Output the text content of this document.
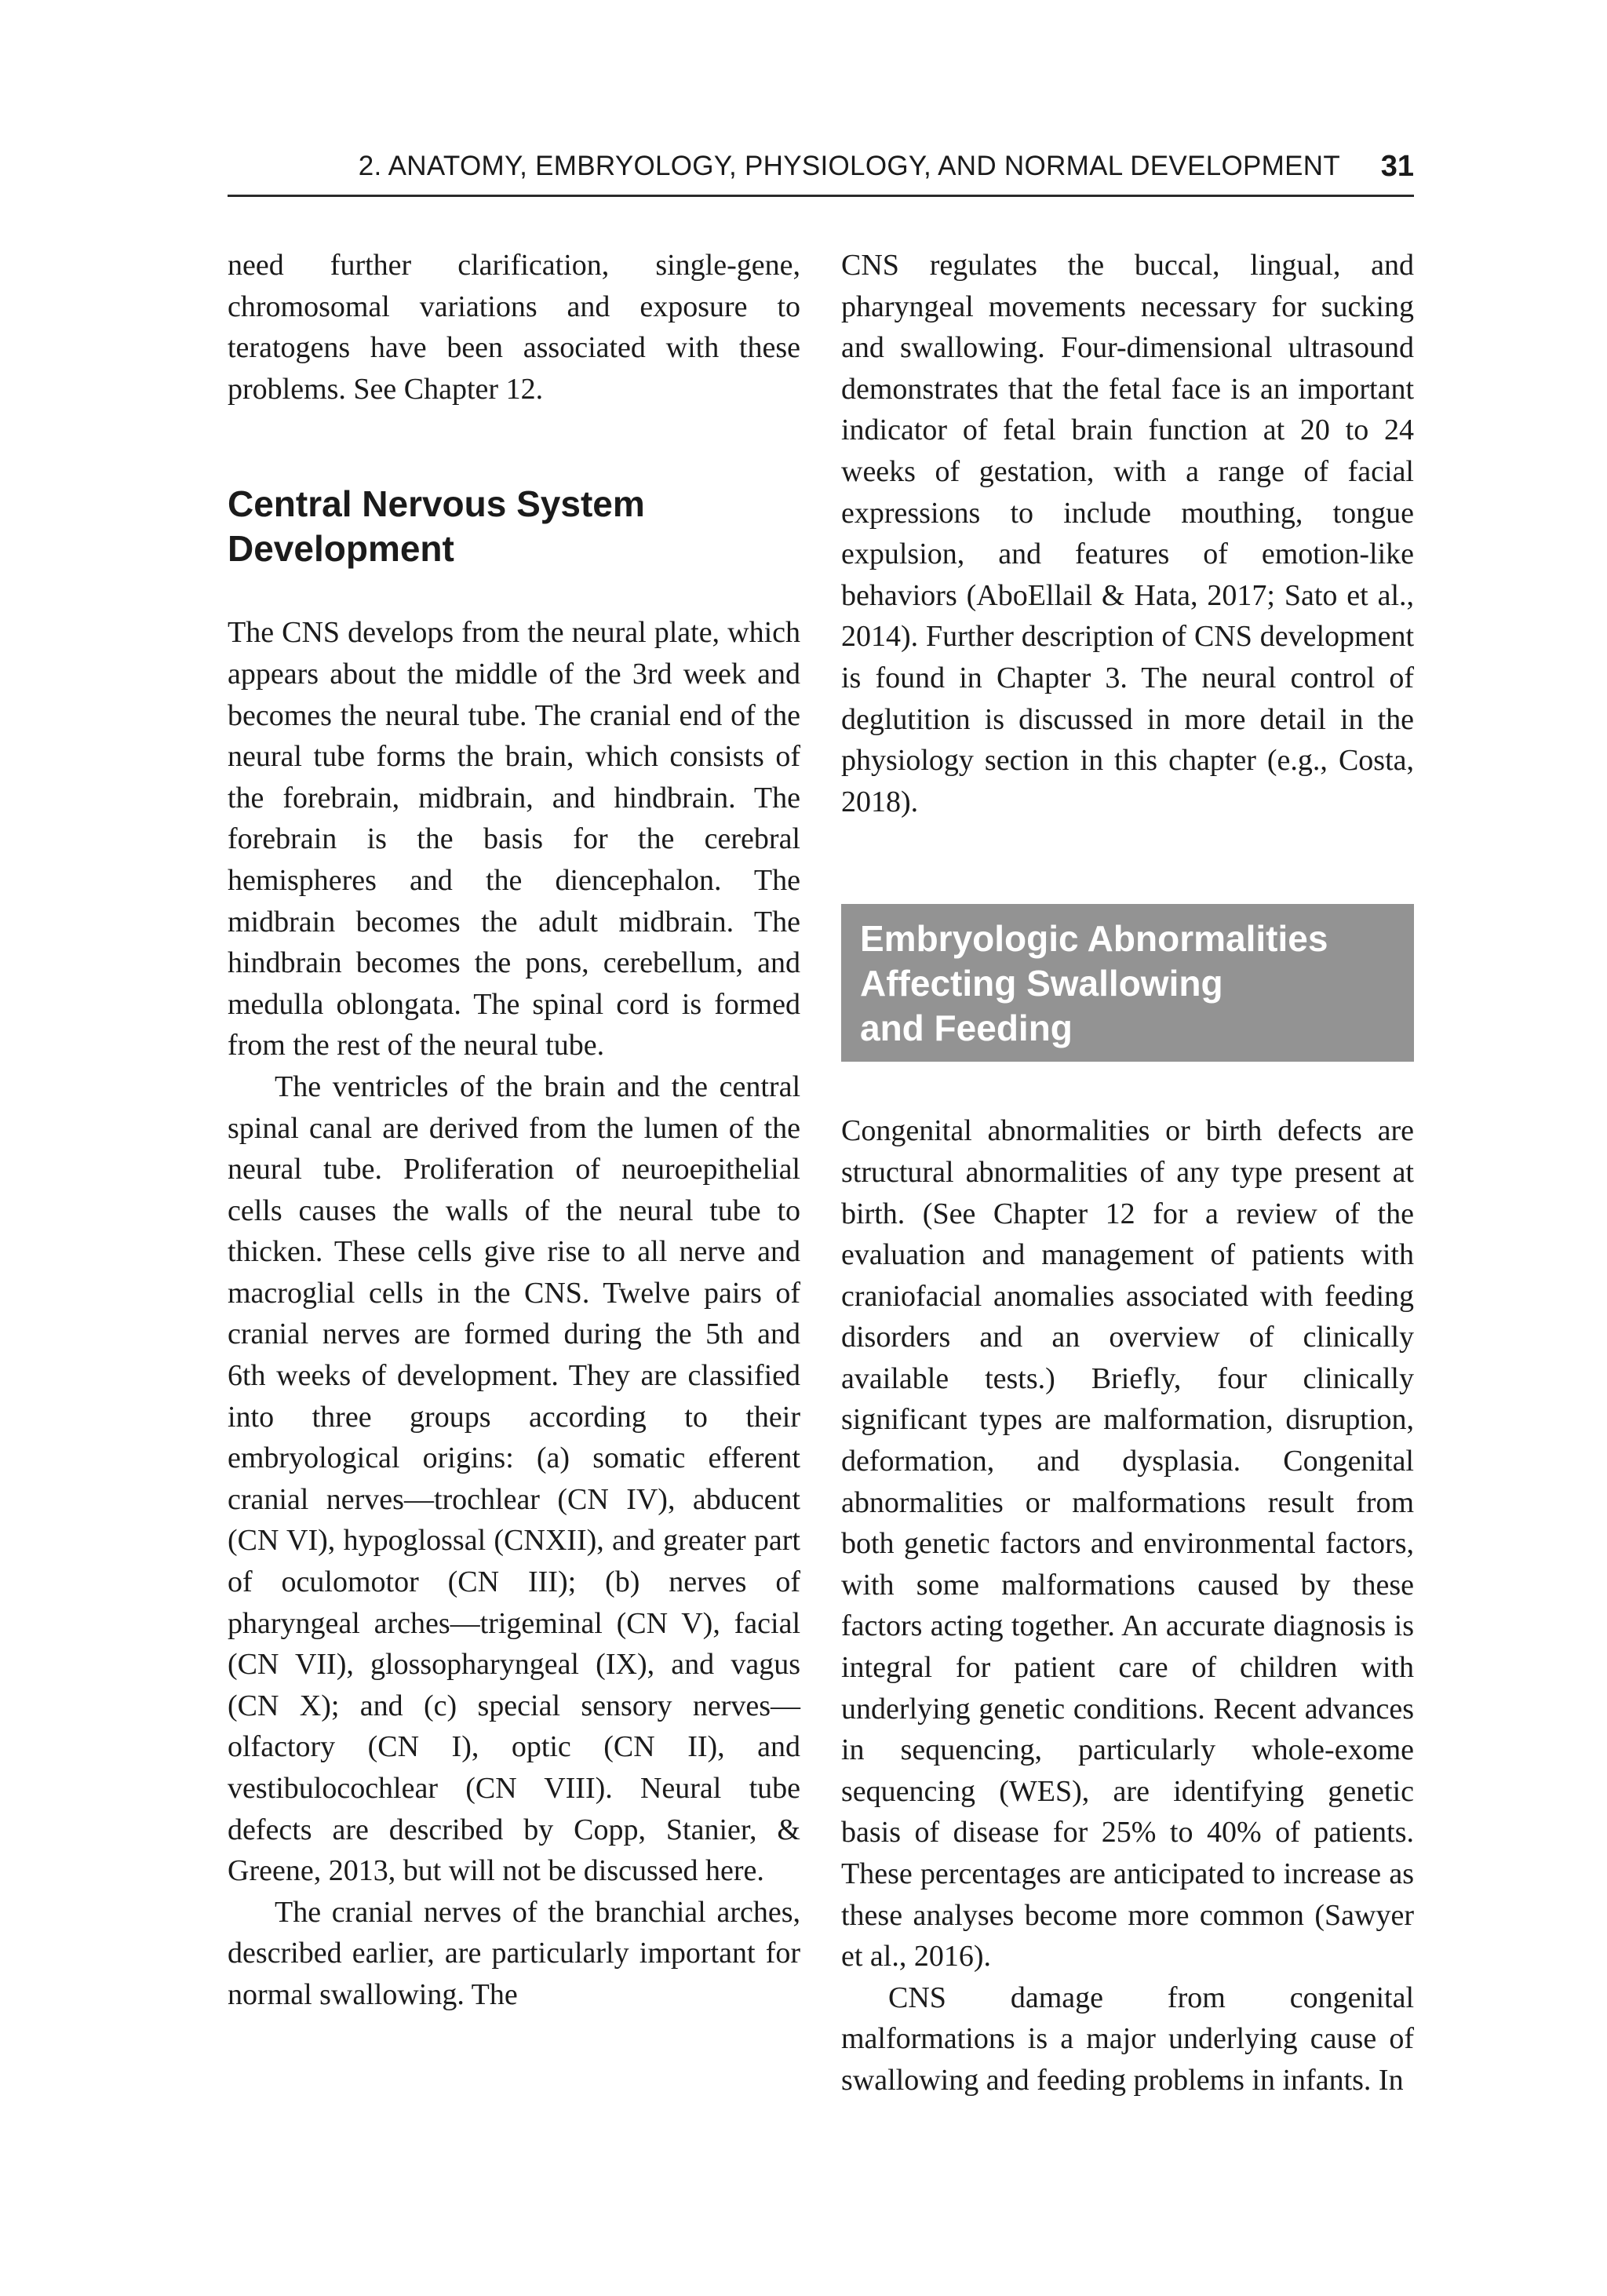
2. ANATOMY, EMBRYOLOGY, PHYSIOLOGY, AND NORMAL DEVELOPMENT 31

need further clarification, single-gene, chromosomal variations and exposure to teratogens have been associated with these problems. See Chapter 12.

Central Nervous System
Development

The CNS develops from the neural plate, which appears about the middle of the 3rd week and becomes the neural tube. The cranial end of the neural tube forms the brain, which consists of the forebrain, midbrain, and hindbrain. The forebrain is the basis for the cerebral hemispheres and the diencephalon. The midbrain becomes the adult midbrain. The hindbrain becomes the pons, cerebellum, and medulla oblongata. The spinal cord is formed from the rest of the neural tube.

The ventricles of the brain and the central spinal canal are derived from the lumen of the neural tube. Proliferation of neuroepithelial cells causes the walls of the neural tube to thicken. These cells give rise to all nerve and macroglial cells in the CNS. Twelve pairs of cranial nerves are formed during the 5th and 6th weeks of development. They are classified into three groups according to their embryological origins: (a) somatic efferent cranial nerves—trochlear (CN IV), abducent (CN VI), hypoglossal (CNXII), and greater part of oculomotor (CN III); (b) nerves of pharyngeal arches—trigeminal (CN V), facial (CN VII), glossopharyngeal (IX), and vagus (CN X); and (c) special sensory nerves—olfactory (CN I), optic (CN II), and vestibulocochlear (CN VIII). Neural tube defects are described by Copp, Stanier, & Greene, 2013, but will not be discussed here.

The cranial nerves of the branchial arches, described earlier, are particularly important for normal swallowing. The

CNS regulates the buccal, lingual, and pharyngeal movements necessary for sucking and swallowing. Four-dimensional ultrasound demonstrates that the fetal face is an important indicator of fetal brain function at 20 to 24 weeks of gestation, with a range of facial expressions to include mouthing, tongue expulsion, and features of emotion-like behaviors (AboEllail & Hata, 2017; Sato et al., 2014). Further description of CNS development is found in Chapter 3. The neural control of deglutition is discussed in more detail in the physiology section in this chapter (e.g., Costa, 2018).

Embryologic Abnormalities
Affecting Swallowing
and Feeding

Congenital abnormalities or birth defects are structural abnormalities of any type present at birth. (See Chapter 12 for a review of the evaluation and management of patients with craniofacial anomalies associated with feeding disorders and an overview of clinically available tests.) Briefly, four clinically significant types are malformation, disruption, deformation, and dysplasia. Congenital abnormalities or malformations result from both genetic factors and environmental factors, with some malformations caused by these factors acting together. An accurate diagnosis is integral for patient care of children with underlying genetic conditions. Recent advances in sequencing, particularly whole-exome sequencing (WES), are identifying genetic basis of disease for 25% to 40% of patients. These percentages are anticipated to increase as these analyses become more common (Sawyer et al., 2016).

CNS damage from congenital malformations is a major underlying cause of swallowing and feeding problems in infants. In
